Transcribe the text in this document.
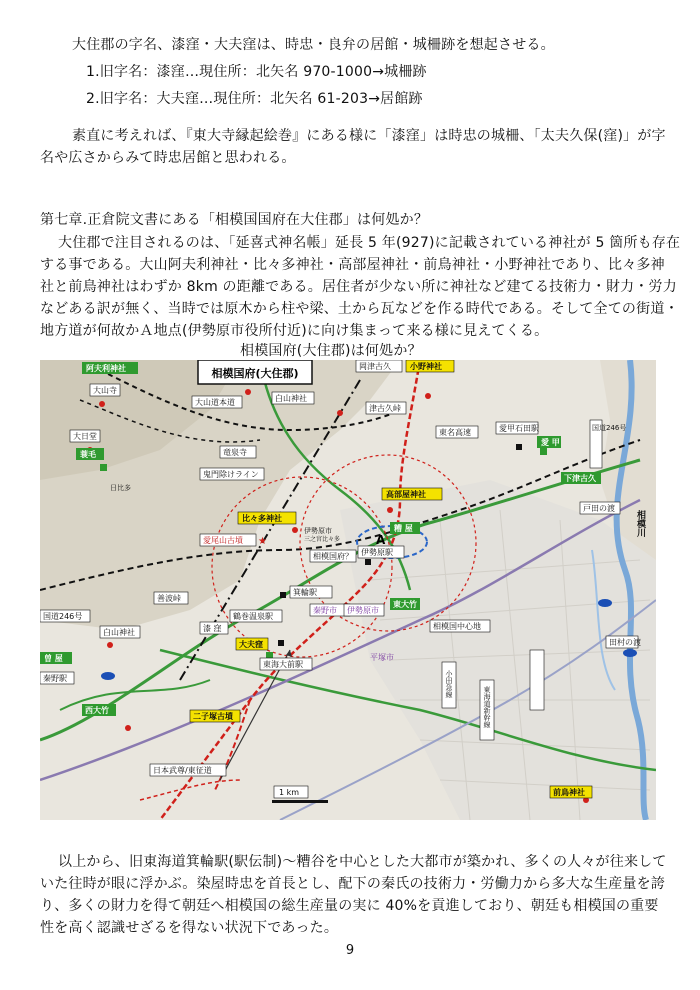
大住郡の字名、漆窪・大夫窪は、時忠・良弁の居館・城柵跡を想起させる。
1.旧字名：漆窪…現住所：北矢名 970-1000→城柵跡
2.旧字名：大夫窪…現住所：北矢名 61-203→居館跡
素直に考えれば、『東大寺縁起絵巻』にある様に「漆窪」は時忠の城柵、「太夫久保(窪)」が字
名や広さからみて時忠居館と思われる。
第七章.正倉院文書にある「相模国国府在大住郡」は何処か？
大住郡で注目されるのは、「延喜式神名帳」延長 5 年(927)に記載されている神社が 5 箇所も存在
する事である。大山阿夫利神社・比々多神社・高部屋神社・前鳥神社・小野神社であり、比々多神
社と前鳥神社はわずか 8km の距離である。居住者が少ない所に神社など建てる技術力・財力・労力
などある訳が無く、当時では原木から柱や梁、土から瓦などを作る時代である。そして全ての街道・
地方道が何故かＡ地点(伊勢原市役所付近)に向け集まって来る様に見えてくる。
相模国府(大住郡)は何処か？
相模国府(大住郡)
阿夫利神社
蓑毛
愛 甲
糟 屋
曽 屋
西大竹
東大竹
下津古久
小野神社
高部屋神社
比々多神社
大夫窪
二子塚古墳
前鳥神社
大山寺
大山道本道	白山神社
岡津古久
津古久峠
大日堂
竜泉寺
東名高速	愛甲石田駅	国道246号
鬼門除けライン
戸田の渡
愛尾山古墳
相模国府？ 伊勢原駅
善波峠
箕輪駅
田村の渡
国道246号
白山神社
秦野駅
漆 窪
鶴巻温泉駅
東海大前駅
秦野市 伊勢原市
相模国中心地
日本武尊/東征道
1 km
小田急線
東海道新幹線
相模川
A
伊勢原市
三之宮比々多
平塚市
日比多
★
以上から、旧東海道箕輪駅(駅伝制)～糟谷を中心とした大都市が築かれ、多くの人々が往来して
いた往時が眼に浮かぶ。染屋時忠を首長とし、配下の秦氏の技術力・労働力から多大な生産量を誇
り、多くの財力を得て朝廷へ相模国の総生産量の実に 40%を貢進しており、朝廷も相模国の重要
性を高く認識せざるを得ない状況下であった。
9
